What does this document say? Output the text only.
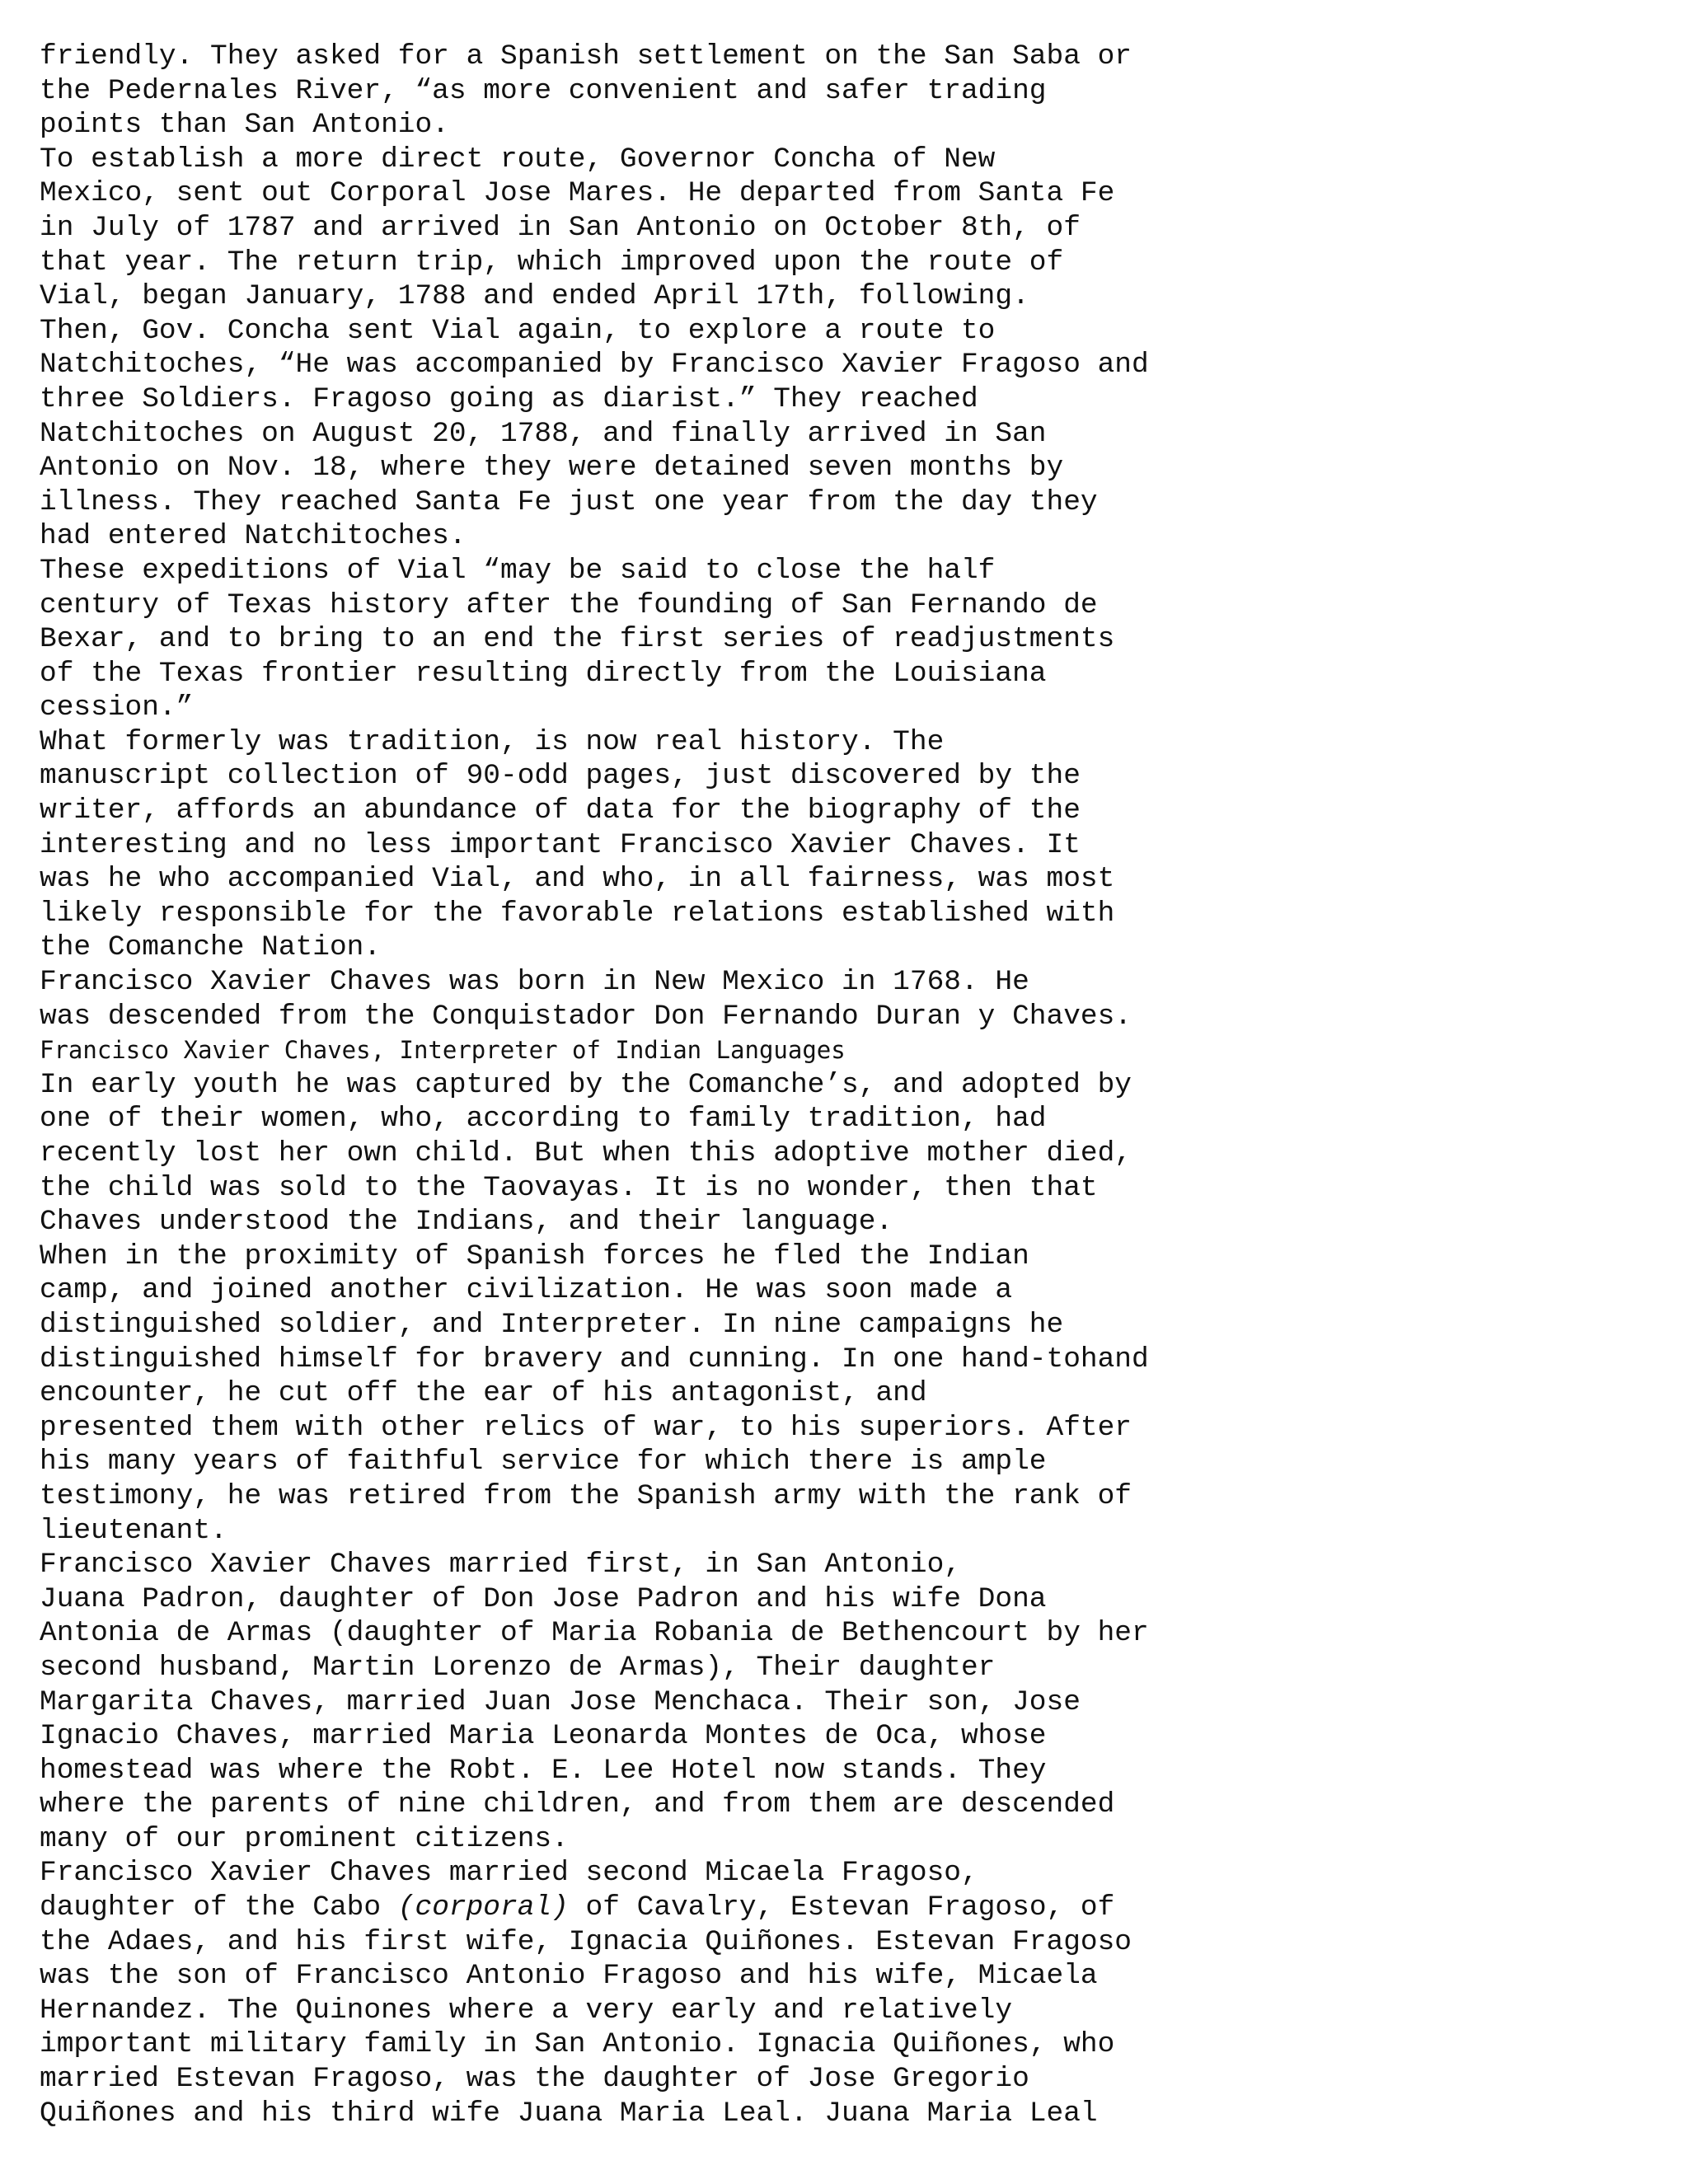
friendly. They asked for a Spanish settlement on the San Saba or
the Pedernales River, “as more convenient and safer trading
points than San Antonio.
To establish a more direct route, Governor Concha of New
Mexico, sent out Corporal Jose Mares. He departed from Santa Fe
in July of 1787 and arrived in San Antonio on October 8th, of
that year. The return trip, which improved upon the route of
Vial, began January, 1788 and ended April 17th, following.
Then, Gov. Concha sent Vial again, to explore a route to
Natchitoches, “He was accompanied by Francisco Xavier Fragoso and
three Soldiers. Fragoso going as diarist.” They reached
Natchitoches on August 20, 1788, and finally arrived in San
Antonio on Nov. 18, where they were detained seven months by
illness. They reached Santa Fe just one year from the day they
had entered Natchitoches.
These expeditions of Vial “may be said to close the half
century of Texas history after the founding of San Fernando de
Bexar, and to bring to an end the first series of readjustments
of the Texas frontier resulting directly from the Louisiana
cession.”
What formerly was tradition, is now real history. The
manuscript collection of 90-odd pages, just discovered by the
writer, affords an abundance of data for the biography of the
interesting and no less important Francisco Xavier Chaves. It
was he who accompanied Vial, and who, in all fairness, was most
likely responsible for the favorable relations established with
the Comanche Nation.
Francisco Xavier Chaves was born in New Mexico in 1768. He
was descended from the Conquistador Don Fernando Duran y Chaves.
Francisco Xavier Chaves, Interpreter of Indian Languages
In early youth he was captured by the Comanche’s, and adopted by
one of their women, who, according to family tradition, had
recently lost her own child. But when this adoptive mother died,
the child was sold to the Taovayas. It is no wonder, then that
Chaves understood the Indians, and their language.
When in the proximity of Spanish forces he fled the Indian
camp, and joined another civilization. He was soon made a
distinguished soldier, and Interpreter. In nine campaigns he
distinguished himself for bravery and cunning. In one hand-tohand
encounter, he cut off the ear of his antagonist, and
presented them with other relics of war, to his superiors. After
his many years of faithful service for which there is ample
testimony, he was retired from the Spanish army with the rank of
lieutenant.
Francisco Xavier Chaves married first, in San Antonio,
Juana Padron, daughter of Don Jose Padron and his wife Dona
Antonia de Armas (daughter of Maria Robania de Bethencourt by her
second husband, Martin Lorenzo de Armas), Their daughter
Margarita Chaves, married Juan Jose Menchaca. Their son, Jose
Ignacio Chaves, married Maria Leonarda Montes de Oca, whose
homestead was where the Robt. E. Lee Hotel now stands. They
where the parents of nine children, and from them are descended
many of our prominent citizens.
Francisco Xavier Chaves married second Micaela Fragoso,
daughter of the Cabo (corporal) of Cavalry, Estevan Fragoso, of
the Adaes, and his first wife, Ignacia Quiñones. Estevan Fragoso
was the son of Francisco Antonio Fragoso and his wife, Micaela
Hernandez. The Quinones where a very early and relatively
important military family in San Antonio. Ignacia Quiñones, who
married Estevan Fragoso, was the daughter of Jose Gregorio
Quiñones and his third wife Juana Maria Leal. Juana Maria Leal
